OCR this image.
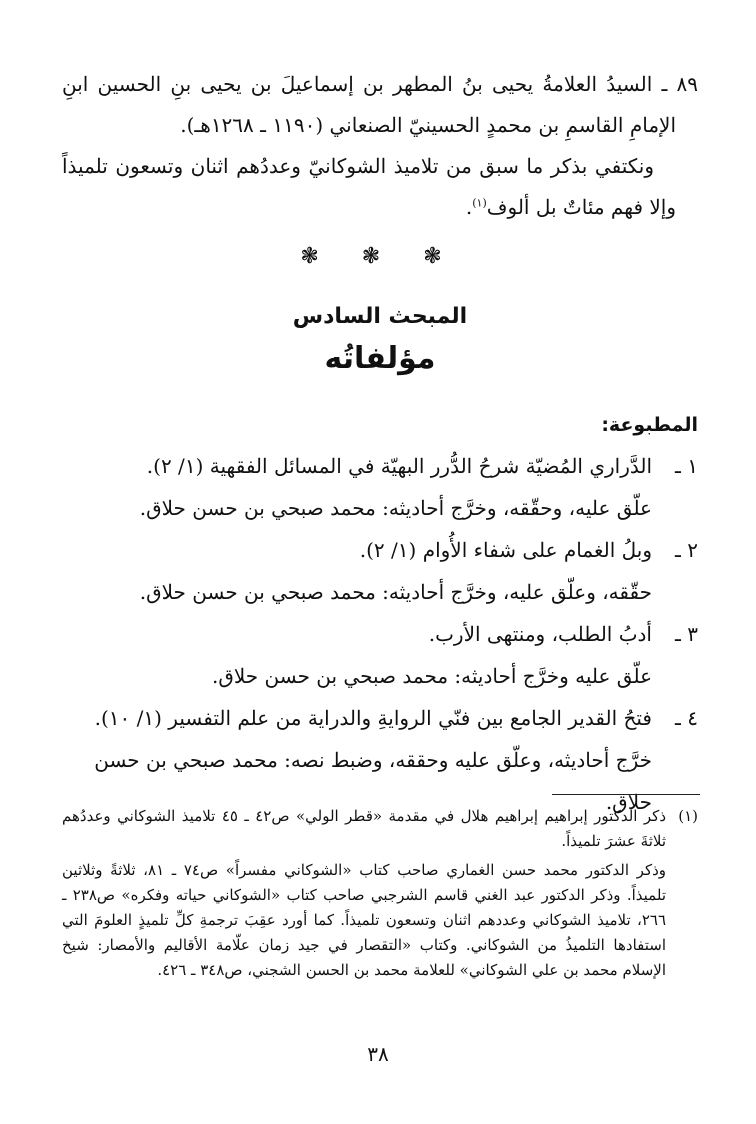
٨٩ ـ السيدُ العلامةُ يحيى بنُ المطهر بن إسماعيلَ بن يحيى بنِ الحسين ابنِ الإمامِ القاسمِ بن محمدٍ الحسينيّ الصنعاني (١١٩٠ ـ ١٢٦٨هـ).

ونكتفي بذكر ما سبق من تلاميذ الشوكانيّ وعددُهم اثنان وتسعون تلميذاً وإلا فهم مئاتٌ بل ألوف$^{(١)}$.

❃ ❃ ❃

المبحث السادس

مؤلفاتُه

المطبوعة:

١ ـ
الدَّراري المُضيّة شرحُ الدُّرر البهيّة في المسائل الفقهية (١/ ٢).
علّق عليه، وحقّقه، وخرَّج أحاديثه: محمد صبحي بن حسن حلاق.
٢ ـ
وبلُ الغمام على شفاء الأُوام (١/ ٢).
حقّقه، وعلّق عليه، وخرَّج أحاديثه: محمد صبحي بن حسن حلاق.
٣ ـ
أدبُ الطلب، ومنتهى الأرب.
علّق عليه وخرَّج أحاديثه: محمد صبحي بن حسن حلاق.
٤ ـ
فتحُ القدير الجامع بين فنّي الروايةِ والدراية من علم التفسير (١/ ١٠).
خرَّج أحاديثه، وعلّق عليه وحققه، وضبط نصه: محمد صبحي بن حسن حلاق.
(١)
ذكر الدكتور إبراهيم إبراهيم هلال في مقدمة «قطر الولي» ص٤٢ ـ ٤٥ تلاميذ الشوكاني وعددُهم ثلاثةَ عشرَ تلميذاً.
وذكر الدكتور محمد حسن الغماري صاحب كتاب «الشوكاني مفسراً» ص٧٤ ـ ٨١، ثلاثةً وثلاثين تلميذاً. وذكر الدكتور عبد الغني قاسم الشرجبي صاحب كتاب «الشوكاني حياته وفكره» ص٢٣٨ ـ ٢٦٦، تلاميذ الشوكاني وعددهم اثنان وتسعون تلميذاً. كما أورد عقِبَ ترجمةِ كلِّ تلميذٍ العلومَ التي استفادها التلميذُ من الشوكاني. وكتاب «التقصار في جيد زمان علّامة الأقاليم والأمصار: شيخ الإسلام محمد بن علي الشوكاني» للعلامة محمد بن الحسن الشجني، ص٣٤٨ ـ ٤٢٦.
٣٨
